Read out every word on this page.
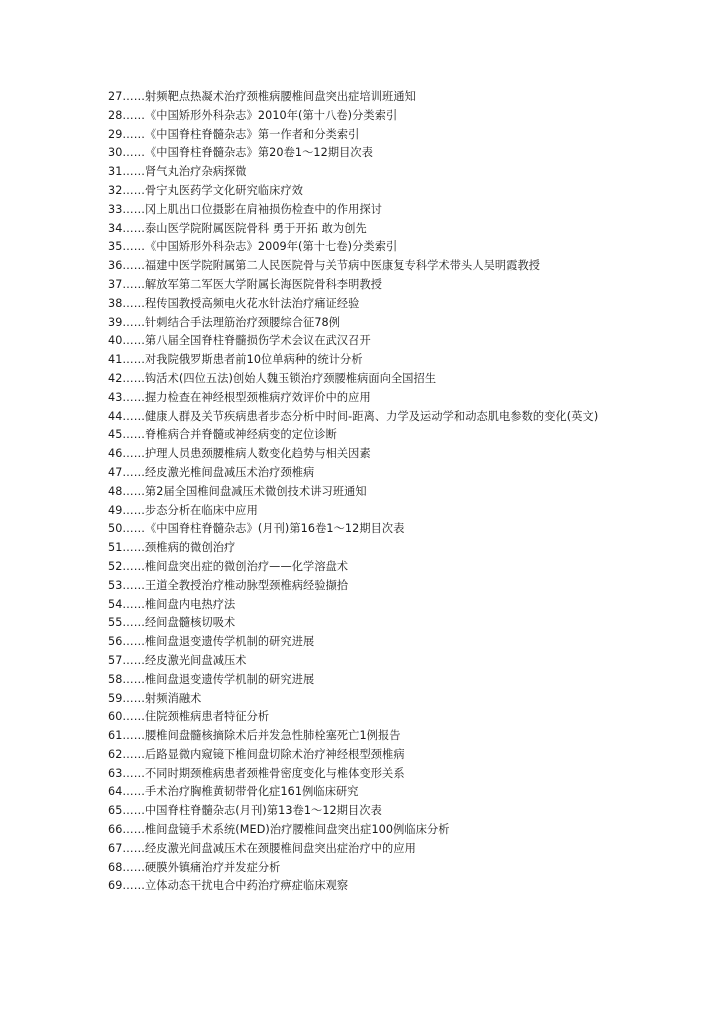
27……射频靶点热凝术治疗颈椎病腰椎间盘突出症培训班通知
28……《中国矫形外科杂志》2010年(第十八卷)分类索引
29……《中国脊柱脊髓杂志》第一作者和分类索引
30……《中国脊柱脊髓杂志》第20卷1～12期目次表
31……肾气丸治疗杂病探微
32……骨宁丸医药学文化研究临床疗效
33……冈上肌出口位摄影在肩袖损伤检查中的作用探讨
34……泰山医学院附属医院骨科 勇于开拓 敢为创先
35……《中国矫形外科杂志》2009年(第十七卷)分类索引
36……福建中医学院附属第二人民医院骨与关节病中医康复专科学术带头人吴明霞教授
37……解放军第二军医大学附属长海医院骨科李明教授
38……程传国教授高频电火花水针法治疗痛证经验
39……针刺结合手法理筋治疗颈腰综合征78例
40……第八届全国脊柱脊髓损伤学术会议在武汉召开
41……对我院俄罗斯患者前10位单病种的统计分析
42……钩活术(四位五法)创始人魏玉锁治疗颈腰椎病面向全国招生
43……握力检查在神经根型颈椎病疗效评价中的应用
44……健康人群及关节疾病患者步态分析中时间-距离、力学及运动学和动态肌电参数的变化(英文)
45……脊椎病合并脊髓或神经病变的定位诊断
46……护理人员患颈腰椎病人数变化趋势与相关因素
47……经皮激光椎间盘减压术治疗颈椎病
48……第2届全国椎间盘减压术微创技术讲习班通知
49……步态分析在临床中应用
50……《中国脊柱脊髓杂志》(月刊)第16卷1～12期目次表
51……颈椎病的微创治疗
52……椎间盘突出症的微创治疗——化学溶盘术
53……王道全教授治疗椎动脉型颈椎病经验撷拾
54……椎间盘内电热疗法
55……经间盘髓核切吸术
56……椎间盘退变遗传学机制的研究进展
57……经皮激光间盘减压术
58……椎间盘退变遗传学机制的研究进展
59……射频消融术
60……住院颈椎病患者特征分析
61……腰椎间盘髓核摘除术后并发急性肺栓塞死亡1例报告
62……后路显微内窥镜下椎间盘切除术治疗神经根型颈椎病
63……不同时期颈椎病患者颈椎骨密度变化与椎体变形关系
64……手术治疗胸椎黄韧带骨化症161例临床研究
65……中国脊柱脊髓杂志(月刊)第13卷1～12期目次表
66……椎间盘镜手术系统(MED)治疗腰椎间盘突出症100例临床分析
67……经皮激光间盘减压术在颈腰椎间盘突出症治疗中的应用
68……硬膜外镇痛治疗并发症分析
69……立体动态干扰电合中药治疗痹症临床观察
